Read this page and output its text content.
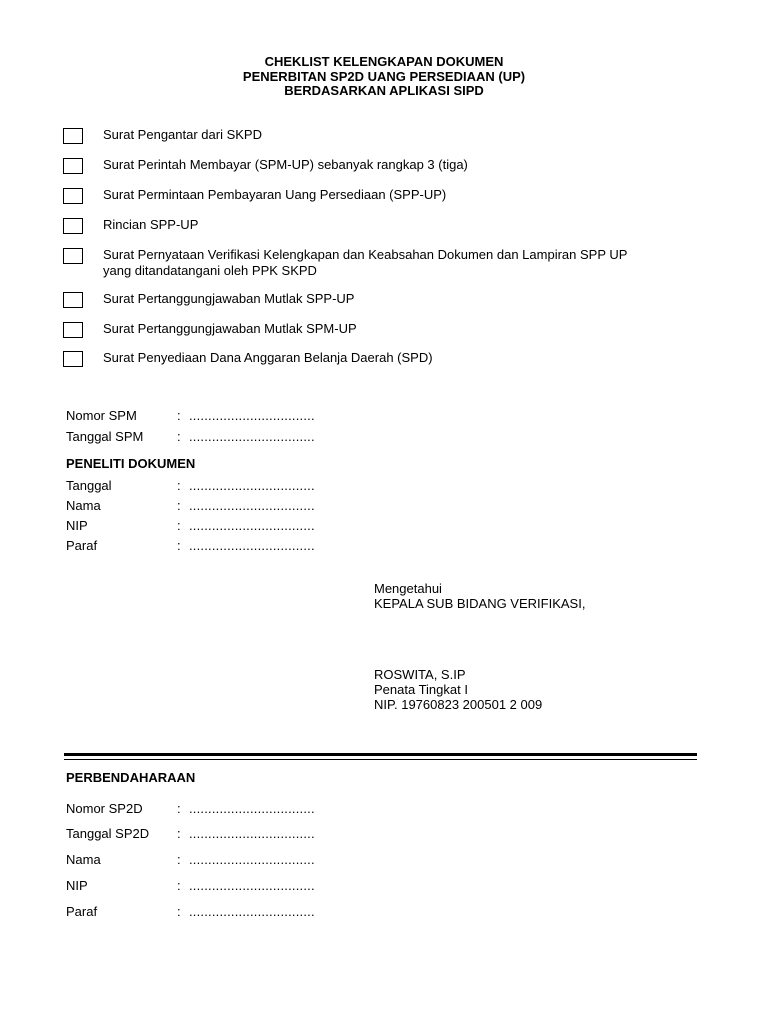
CHEKLIST KELENGKAPAN DOKUMEN
PENERBITAN SP2D UANG PERSEDIAAN (UP)
BERDASARKAN APLIKASI SIPD
Surat Pengantar dari SKPD
Surat Perintah Membayar (SPM-UP) sebanyak rangkap 3 (tiga)
Surat Permintaan Pembayaran Uang Persediaan (SPP-UP)
Rincian SPP-UP
Surat Pernyataan Verifikasi Kelengkapan dan Keabsahan Dokumen dan Lampiran SPP UP
yang ditandatangani oleh PPK SKPD
Surat Pertanggungjawaban Mutlak SPP-UP
Surat Pertanggungjawaban Mutlak SPM-UP
Surat Penyediaan Dana Anggaran Belanja Daerah (SPD)
Nomor SPM	: .................................
Tanggal SPM	: .................................
PENELITI DOKUMEN
Tanggal	: .................................
Nama	: .................................
NIP	: .................................
Paraf	: .................................
Mengetahui
KEPALA SUB BIDANG VERIFIKASI,
ROSWITA, S.IP
Penata Tingkat I
NIP. 19760823 200501 2 009
PERBENDAHARAAN
Nomor SP2D	: .................................
Tanggal SP2D : .................................
Nama	: .................................
NIP	: .................................
Paraf	: .................................
